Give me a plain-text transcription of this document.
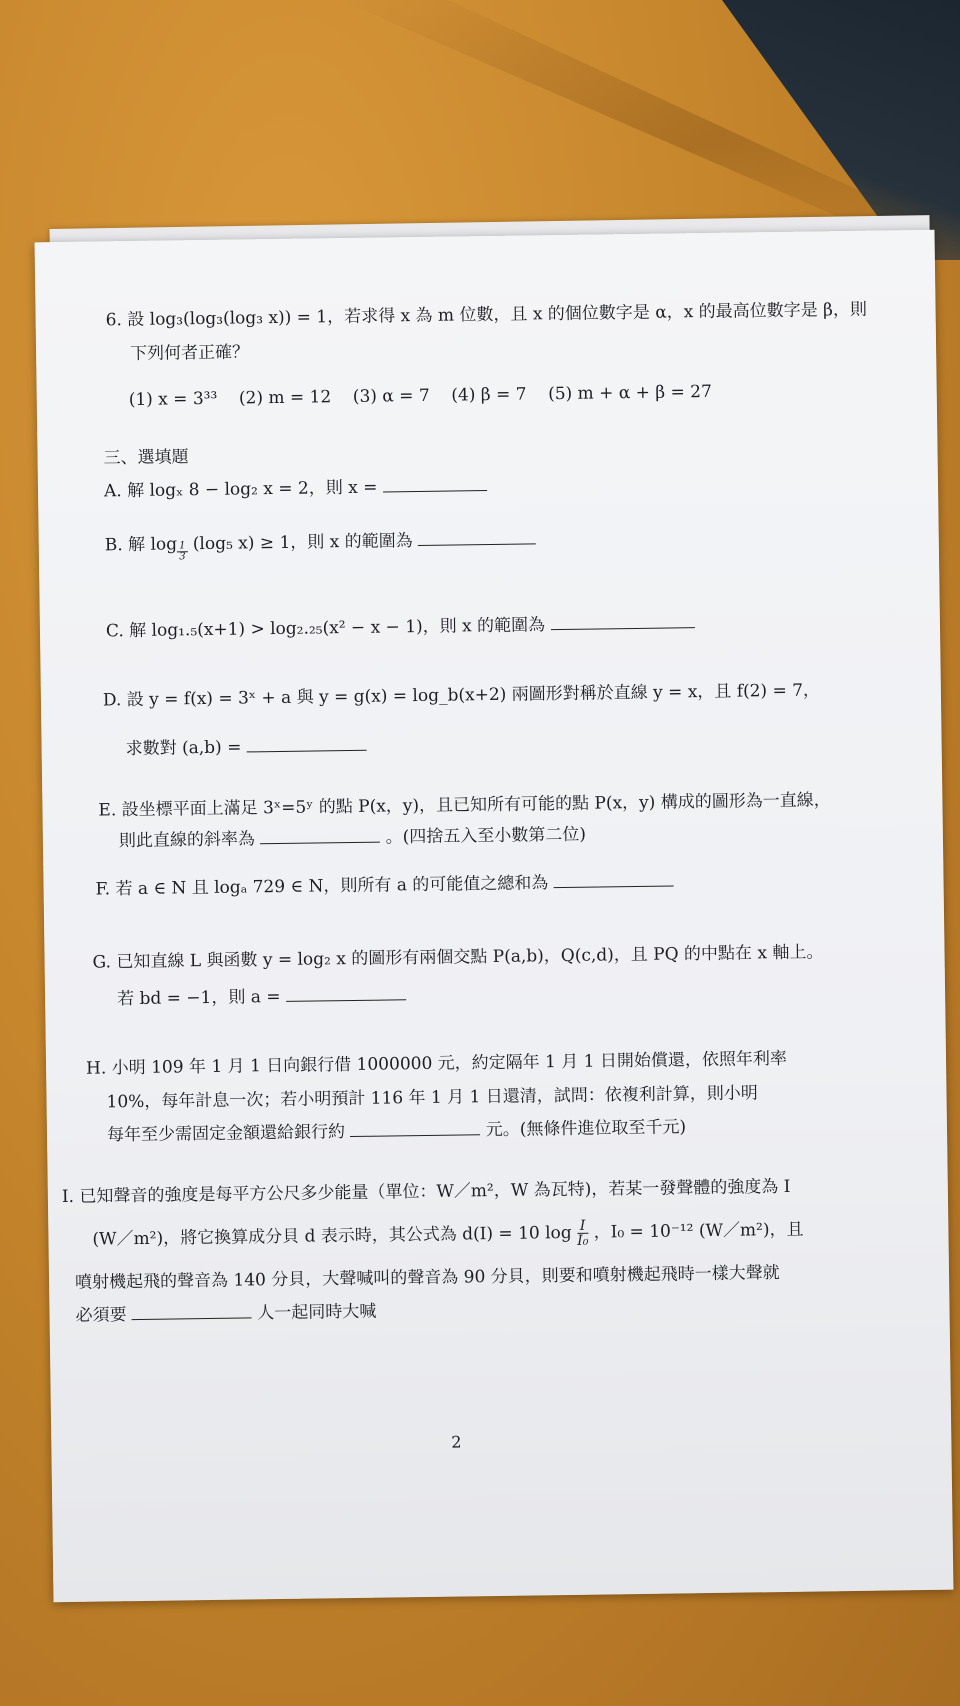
6. 設 log₃(log₃(log₃ x)) = 1，若求得 x 為 m 位數，且 x 的個位數字是 α，x 的最高位數字是 β，則
下列何者正確？
(1) x = 3³³ (2) m = 12 (3) α = 7 (4) β = 7 (5) m + α + β = 27
三、選填題
A. 解 logₓ 8 − log₂ x = 2，則 x =
B. 解 $\log \frac{1}{3} (\log_5$ x) ≥ 1，則 x 的範圍為
C. 解 log₁.₅(x+1) > log₂.₂₅(x² − x − 1)，則 x 的範圍為
D. 設 y = f(x) = 3ˣ + a 與 y = g(x) = log_b(x+2) 兩圖形對稱於直線 y = x，且 f(2) = 7，
求數對 (a,b) =
E. 設坐標平面上滿足 3ˣ=5ʸ 的點 P(x，y)，且已知所有可能的點 P(x，y) 構成的圖形為一直線，
則此直線的斜率為	。(四捨五入至小數第二位)
F. 若 a ∈ N 且 logₐ 729 ∈ N，則所有 a 的可能值之總和為
G. 已知直線 L 與函數 y = log₂ x 的圖形有兩個交點 P(a,b)，Q(c,d)，且 PQ 的中點在 x 軸上。
若 bd = −1，則 a =
H. 小明 109 年 1 月 1 日向銀行借 1000000 元，約定隔年 1 月 1 日開始償還，依照年利率
10%，每年計息一次；若小明預計 116 年 1 月 1 日還清，試問：依複利計算，則小明
每年至少需固定金額還給銀行約	元。(無條件進位取至千元)
I. 已知聲音的強度是每平方公尺多少能量（單位：W／m²，W 為瓦特)，若某一發聲體的強度為 I
(W／m²)，將它換算成分貝 d 表示時，其公式為 d(I) = 10 $\log \frac{I}{\text{I₀}}$ ，I₀ = 10⁻¹² (W／m²)，且
噴射機起飛的聲音為 140 分貝，大聲喊叫的聲音為 90 分貝，則要和噴射機起飛時一樣大聲就
必須要	人一起同時大喊
2
